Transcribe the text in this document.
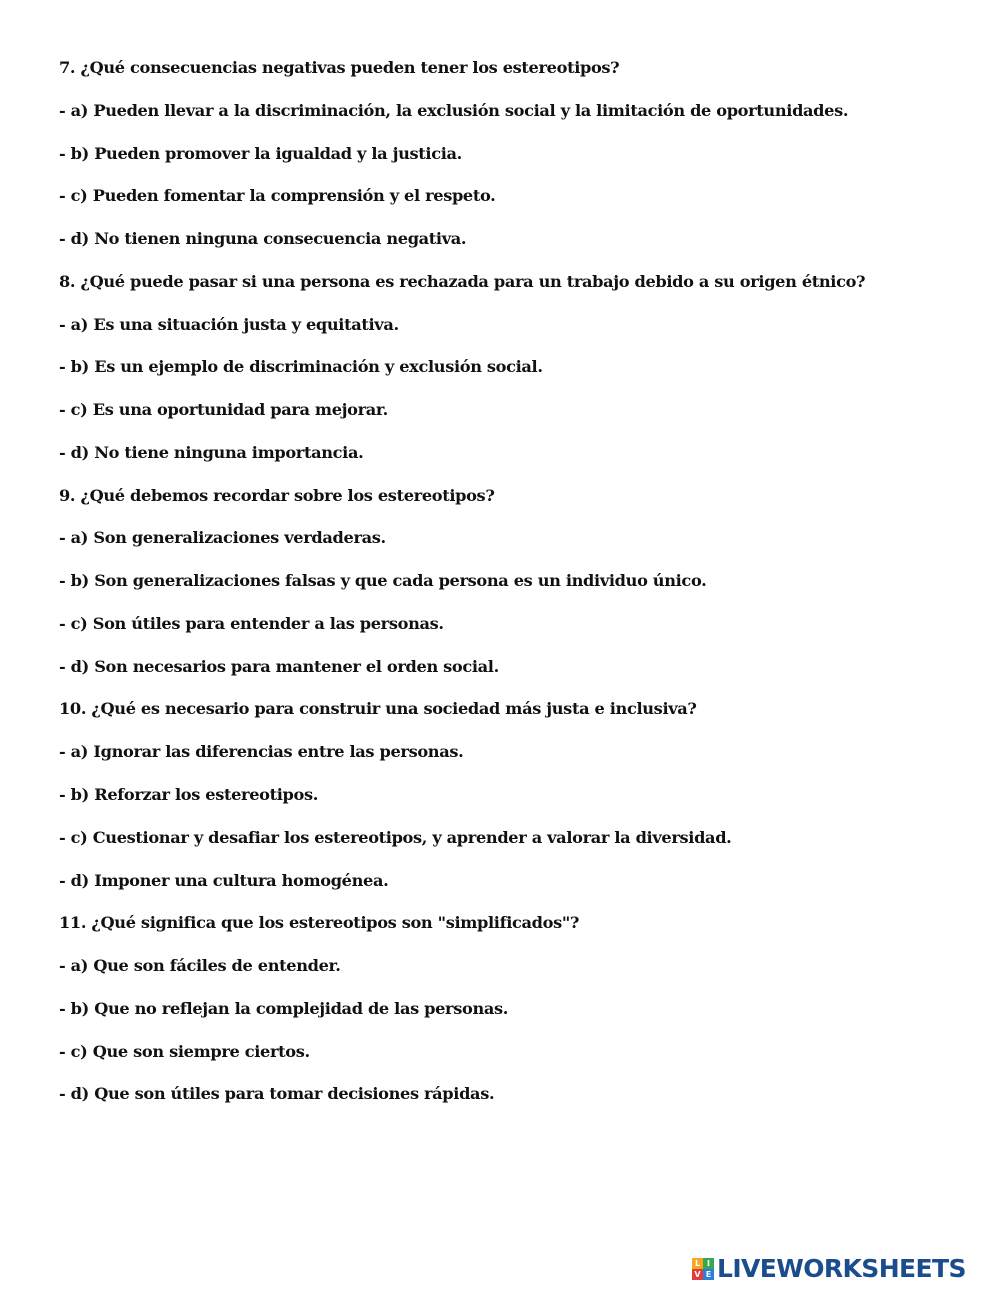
7. ¿Qué consecuencias negativas pueden tener los estereotipos?
- a) Pueden llevar a la discriminación, la exclusión social y la limitación de oportunidades.
- b) Pueden promover la igualdad y la justicia.
- c) Pueden fomentar la comprensión y el respeto.
- d) No tienen ninguna consecuencia negativa.
8. ¿Qué puede pasar si una persona es rechazada para un trabajo debido a su origen étnico?
- a) Es una situación justa y equitativa.
- b) Es un ejemplo de discriminación y exclusión social.
- c) Es una oportunidad para mejorar.
- d) No tiene ninguna importancia.
9. ¿Qué debemos recordar sobre los estereotipos?
- a) Son generalizaciones verdaderas.
- b) Son generalizaciones falsas y que cada persona es un individuo único.
- c) Son útiles para entender a las personas.
- d) Son necesarios para mantener el orden social.
10. ¿Qué es necesario para construir una sociedad más justa e inclusiva?
- a) Ignorar las diferencias entre las personas.
- b) Reforzar los estereotipos.
- c) Cuestionar y desafiar los estereotipos, y aprender a valorar la diversidad.
- d) Imponer una cultura homogénea.
11. ¿Qué significa que los estereotipos son "simplificados"?
- a) Que son fáciles de entender.
- b) Que no reflejan la complejidad de las personas.
- c) Que son siempre ciertos.
- d) Que son útiles para tomar decisiones rápidas.
L I
V E LIVEWORKSHEETS
